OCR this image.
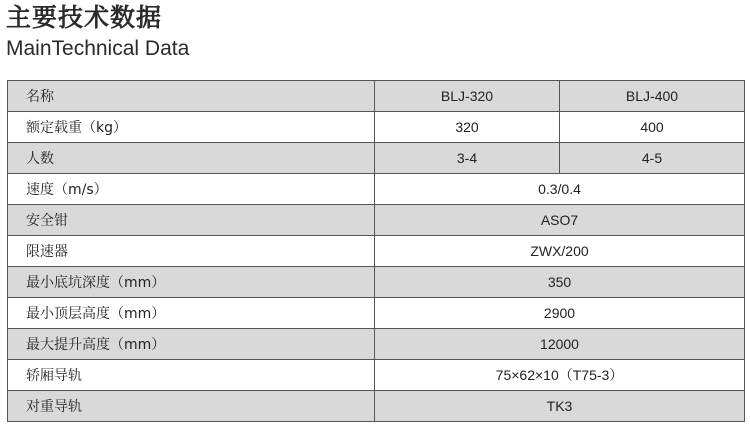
主要技术数据
MainTechnical Data
名称	BLJ-320	BLJ-400
额定载重（kg）	320	400
人数	3-4	4-5
速度（m/s）	0.3/0.4	
安全钳	ASO7	
限速器	ZWX/200	
最小底坑深度（mm）	350	
最小顶层高度（mm）	2900	
最大提升高度（mm）	12000	
轿厢导轨	75×62×10（T75-3）	
对重导轨	TK3	
